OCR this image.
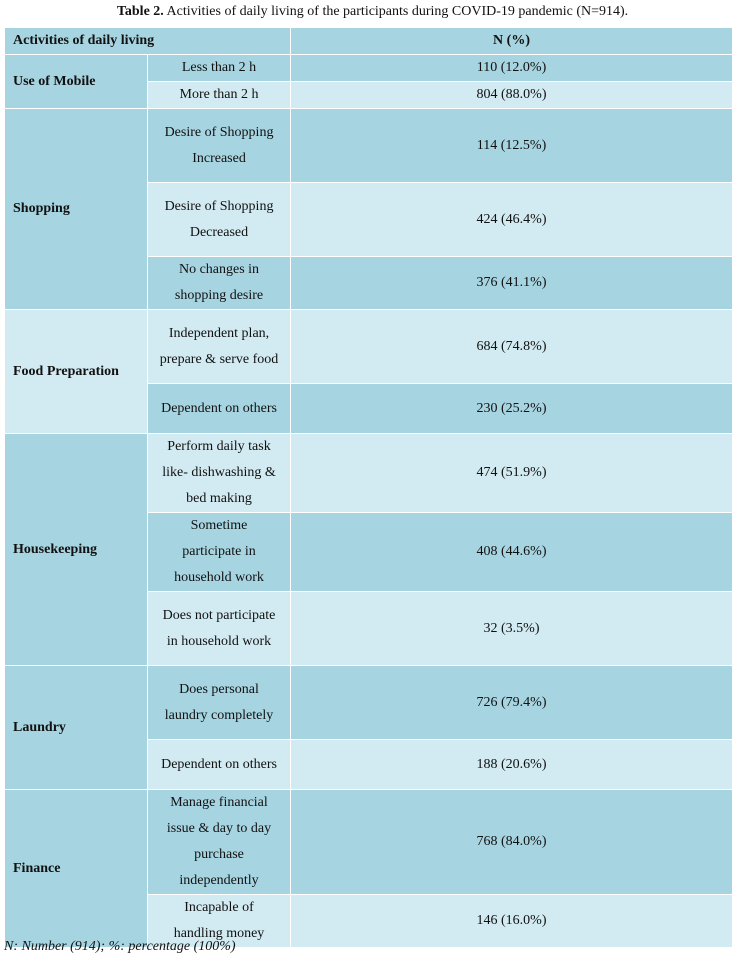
Table 2. Activities of daily living of the participants during COVID-19 pandemic (N=914).
Activities of daily living		N (%)
Use of Mobile	Less than 2 h	110 (12.0%)
	More than 2 h	804 (88.0%)
Shopping	Desire of Shopping
Increased	114 (12.5%)
	Desire of Shopping
Decreased	424 (46.4%)
	No changes in
shopping desire	376 (41.1%)
Food Preparation	Independent plan,
prepare & serve food	684 (74.8%)
	Dependent on others	230 (25.2%)
Housekeeping	Perform daily task
like- dishwashing &
bed making	474 (51.9%)
	Sometime
participate in
household work	408 (44.6%)
	Does not participate
in household work	32 (3.5%)
Laundry	Does personal
laundry completely	726 (79.4%)
	Dependent on others	188 (20.6%)
Finance	Manage financial
issue & day to day
purchase
independently	768 (84.0%)
	Incapable of
handling money	146 (16.0%)
N: Number (914); %: percentage (100%)
